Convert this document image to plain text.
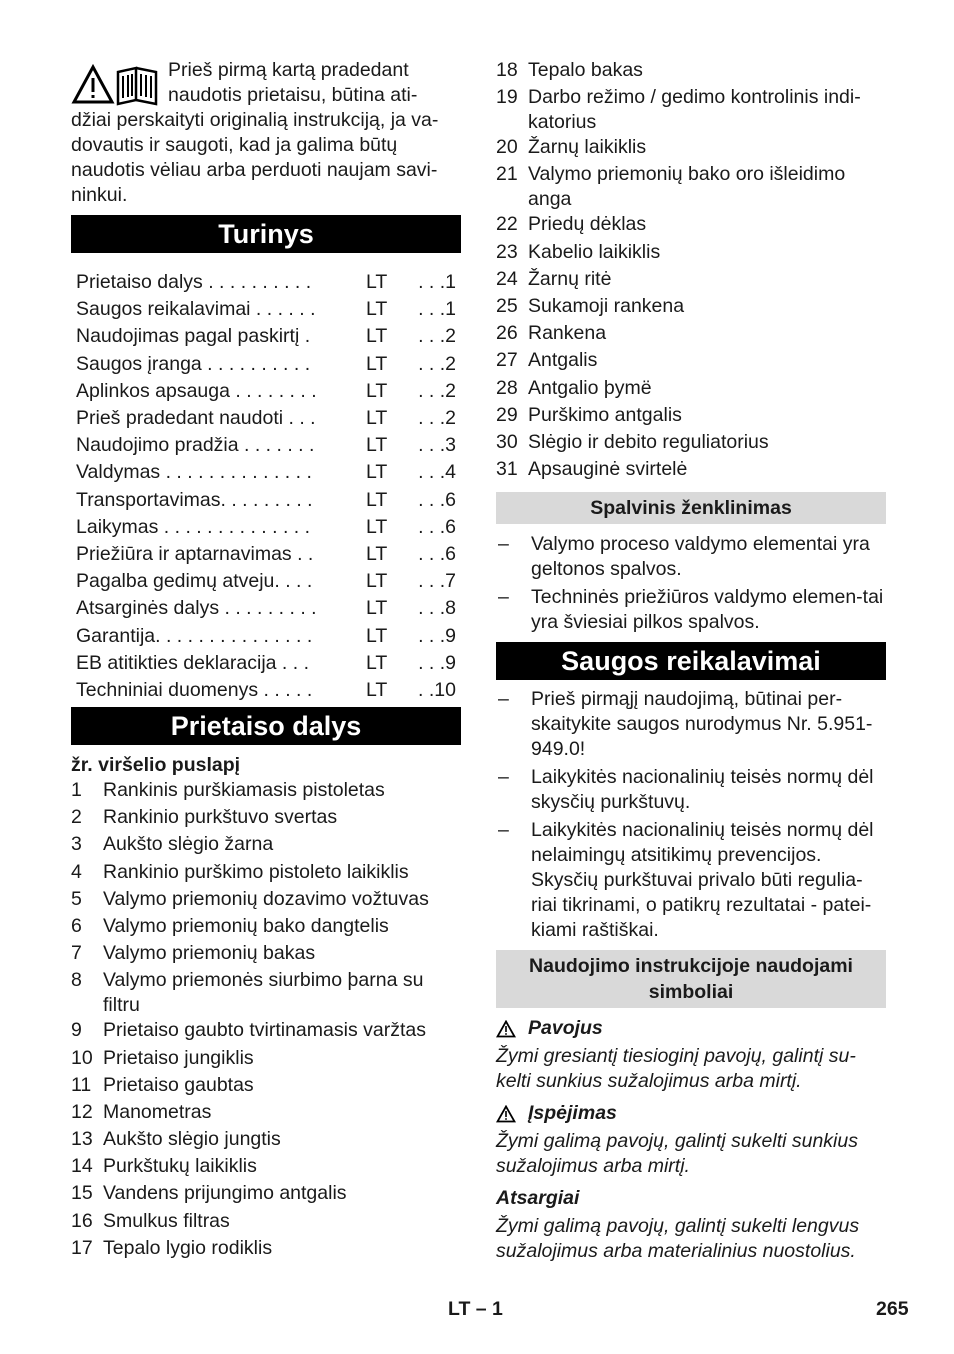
Prieš pirmą kartą pradedant
naudotis prietaisu, būtina ati-
džiai perskaityti originalią instrukciją, ja va-
dovautis ir saugoti, kad ja galima būtų
naudotis vėliau arba perduoti naujam savi-
ninkui.
Turinys
Prietaiso dalys . . . . . . . . . .	LT	. . .1
Saugos reikalavimai . . . . . .	LT	. . .1
Naudojimas pagal paskirtį .	LT	. . .2
Saugos įranga . . . . . . . . . .	LT	. . .2
Aplinkos apsauga . . . . . . . .	LT	. . .2
Prieš pradedant naudoti . . .	LT	. . .2
Naudojimo pradžia . . . . . . .	LT	. . .3
Valdymas . . . . . . . . . . . . . .	LT	. . .4
Transportavimas. . . . . . . . .	LT	. . .6
Laikymas . . . . . . . . . . . . . .	LT	. . .6
Priežiūra ir aptarnavimas . .	LT	. . .6
Pagalba gedimų atveju. . . .	LT	. . .7
Atsarginės dalys . . . . . . . . .	LT	. . .8
Garantija. . . . . . . . . . . . . . .	LT	. . .9
EB atitikties deklaracija . . .	LT	. . .9
Techniniai duomenys . . . . .	LT	. .10
Prietaiso dalys
žr. viršelio puslapį
1	Rankinis purškiamasis pistoletas
2	Rankinio purkštuvo svertas
3	Aukšto slėgio žarna
4	Rankinio purškimo pistoleto laikiklis
5	Valymo priemonių dozavimo vožtuvas
6	Valymo priemonių bako dangtelis
7	Valymo priemonių bakas
8	Valymo priemonės siurbimo þarna su filtru
9	Prietaiso gaubto tvirtinamasis varžtas
10 Prietaiso jungiklis
11 Prietaiso gaubtas
12 Manometras
13 Aukšto slėgio jungtis
14 Purkštukų laikiklis
15 Vandens prijungimo antgalis
16 Smulkus filtras
17 Tepalo lygio rodiklis
18 Tepalo bakas
19 Darbo režimo / gedimo kontrolinis indi-katorius
20 Žarnų laikiklis
21 Valymo priemonių bako oro išleidimo anga
22 Priedų dėklas
23 Kabelio laikiklis
24 Žarnų ritė
25 Sukamoji rankena
26 Rankena
27 Antgalis
28 Antgalio þymë
29 Purškimo antgalis
30 Slėgio ir debito reguliatorius
31 Apsauginė svirtelė
Spalvinis ženklinimas
–	Valymo proceso valdymo elementai yra geltonos spalvos.
–	Techninės priežiūros valdymo elemen-tai yra šviesiai pilkos spalvos.
Saugos reikalavimai
–	Prieš pirmąjį naudojimą, būtinai per-skaitykite saugos nurodymus Nr. 5.951-949.0!
–	Laikykitės nacionalinių teisės normų dėl skysčių purkštuvų.
–	Laikykitės nacionalinių teisės normų dėl nelaimingų atsitikimų prevencijos. Skysčių purkštuvai privalo būti regulia-riai tikrinami, o patikrų rezultatai - patei-kiami raštiškai.
Naudojimo instrukcijoje naudojami simboliai
Pavojus
Žymi gresiantį tiesioginį pavojų, galintį su-kelti sunkius sužalojimus arba mirtį.
Įspėjimas
Žymi galimą pavojų, galintį sukelti sunkius sužalojimus arba mirtį.
Atsargiai
Žymi galimą pavojų, galintį sukelti lengvus sužalojimus arba materialinius nuostolius.
LT – 1	265
